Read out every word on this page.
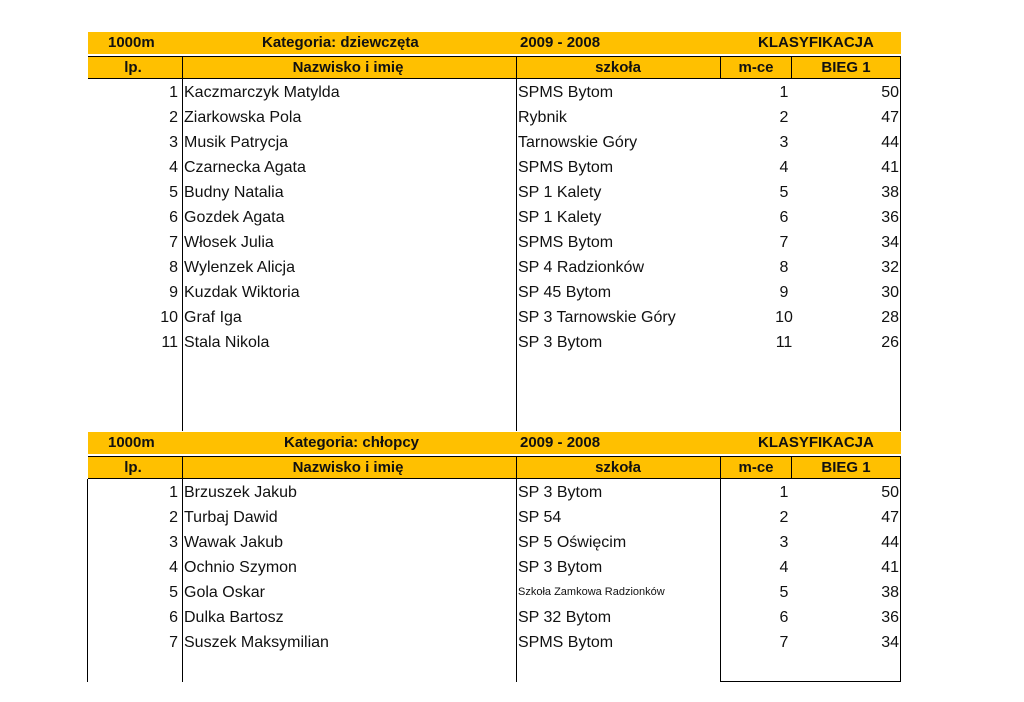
1000m	Kategoria: dziewczęta	2009 - 2008	KLASYFIKACJA
lp.	Nazwisko i imię	szkoła	m-ce	BIEG 1
1 Kaczmarczyk Matylda	SPMS Bytom	1	50
2 Ziarkowska Pola	Rybnik	2	47
3 Musik Patrycja	Tarnowskie Góry	3	44
4 Czarnecka Agata	SPMS Bytom	4	41
5 Budny Natalia	SP 1 Kalety	5	38
6 Gozdek Agata	SP 1 Kalety	6	36
7 Włosek Julia	SPMS Bytom	7	34
8 Wylenzek Alicja	SP 4 Radzionków	8	32
9 Kuzdak Wiktoria	SP 45 Bytom	9	30
10 Graf Iga	SP 3 Tarnowskie Góry	10	28
11 Stala Nikola	SP 3 Bytom	11	26
1000m	Kategoria: chłopcy	2009 - 2008	KLASYFIKACJA
lp.	Nazwisko i imię	szkoła	m-ce	BIEG 1
1 Brzuszek Jakub	SP 3 Bytom	1	50
2 Turbaj Dawid	SP 54	2	47
3 Wawak Jakub	SP 5 Oświęcim	3	44
4 Ochnio Szymon	SP 3 Bytom	4	41
5 Gola Oskar	Szkoła Zamkowa Radzionków	5	38
6 Dulka Bartosz	SP 32 Bytom	6	36
7 Suszek Maksymilian	SPMS Bytom	7	34
